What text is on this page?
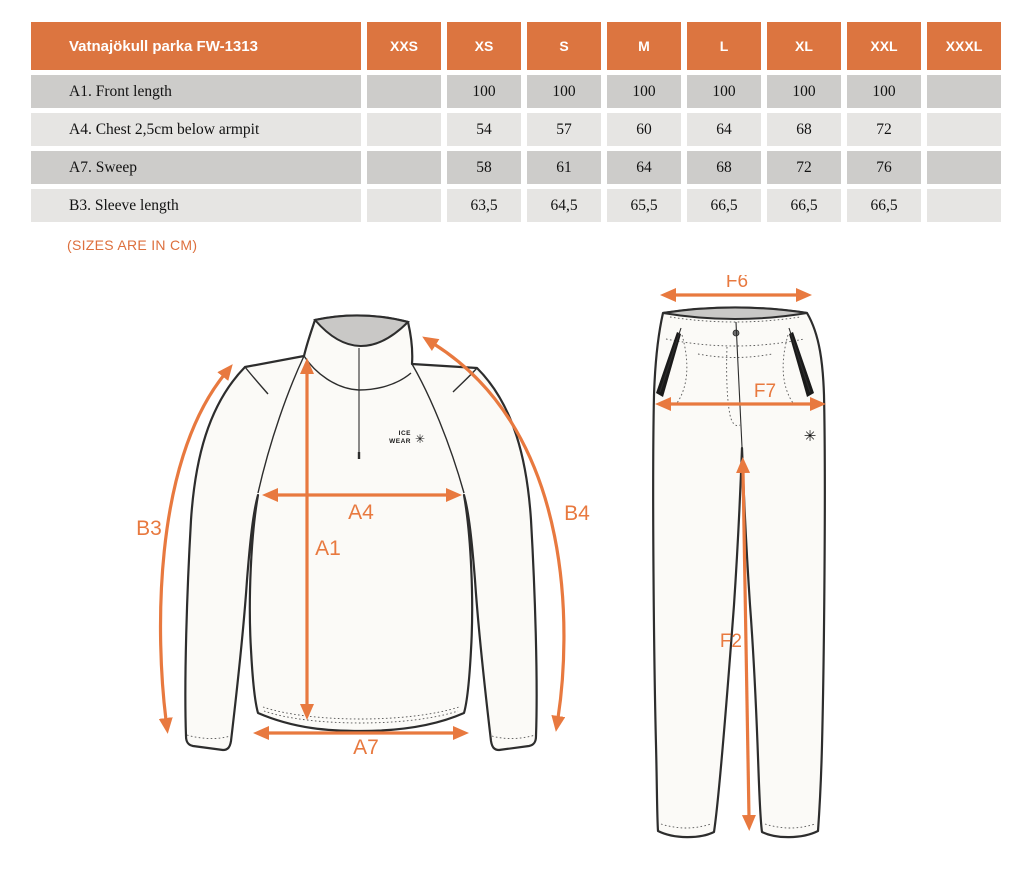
Vatnajökull parka FW-1313	XXS	XS	S	M	L	XL	XXL	XXXL
A1. Front length		100	100	100	100	100	100	
A4. Chest 2,5cm below armpit		54	57	60	64	68	72	
A7. Sweep		58	61	64	68	72	76	
B3. Sleeve length		63,5	64,5	65,5	66,5	66,5	66,5	
(SIZES ARE IN CM)
ICE
WEAR ✳
B3
B4
A4
A1
A7
✳
F6
F7
F2
